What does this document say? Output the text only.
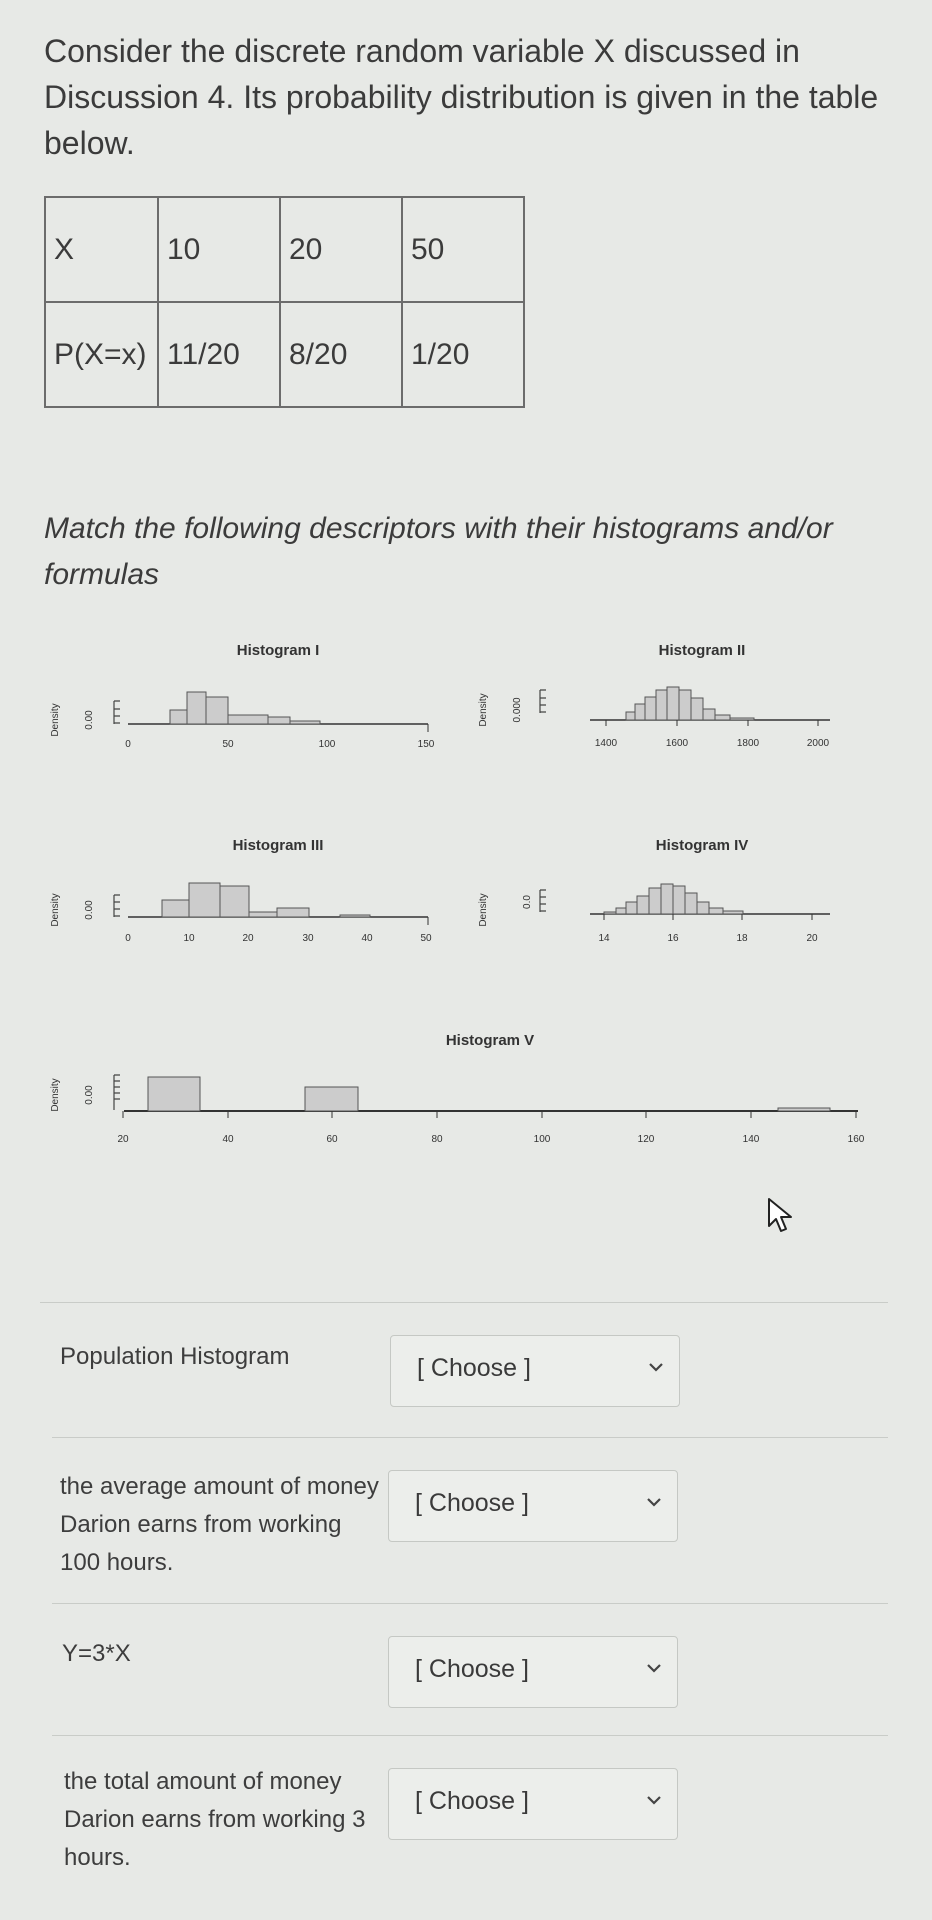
Consider the discrete random variable X discussed in Discussion 4. Its probability distribution is given in the table below.
X	10	20	50
P(X=x)	11/20	8/20	1/20
Match the following descriptors with their histograms and/or formulas
Histogram I
Density 0.00
0	50	100	150
Histogram II
Density 0.000
1400	1600	1800	2000
Histogram III
Density 0.00
0	10	20	30	40	50
Histogram IV
Density	0.0
14	16	18	20
Histogram V
Density 0.00
20	40	60	80	100	120	140	160
Population Histogram	[ Choose ]
the average amount of money Darion earns from working 100 hours.
[ Choose ]
Y=3*X
[ Choose ]
the total amount of money Darion earns from working 3 hours.
[ Choose ]
